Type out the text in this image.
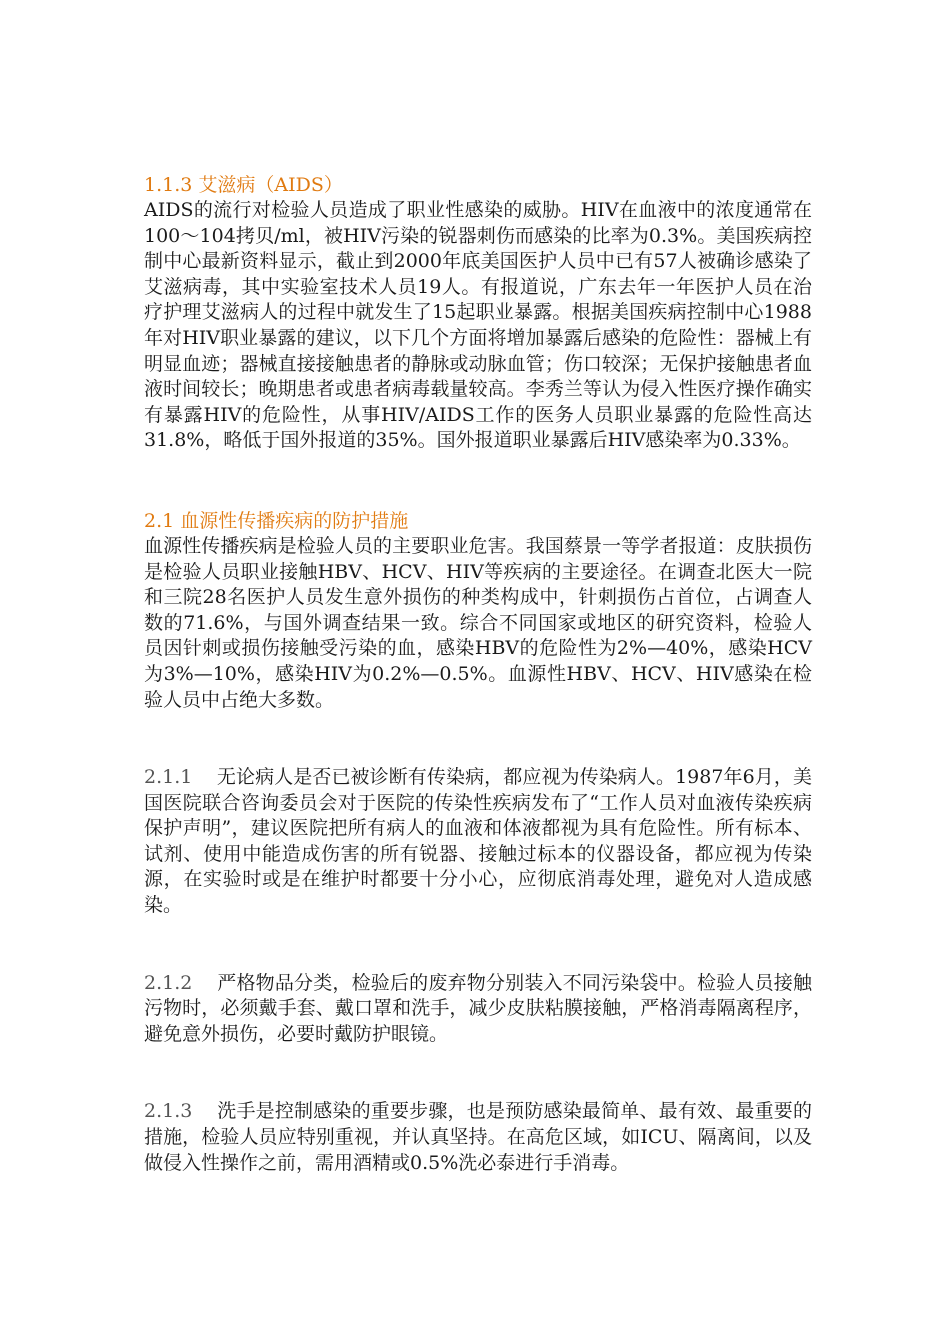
1.1.3 艾滋病（AIDS）

AIDS的流行对检验人员造成了职业性感染的威胁。HIV在血液中的浓度通常在100～104拷贝/ml，被HIV污染的锐器刺伤而感染的比率为0.3%。美国疾病控制中心最新资料显示，截止到2000年底美国医护人员中已有57人被确诊感染了艾滋病毒，其中实验室技术人员19人。有报道说，广东去年一年医护人员在治疗护理艾滋病人的过程中就发生了15起职业暴露。根据美国疾病控制中心1988年对HIV职业暴露的建议，以下几个方面将增加暴露后感染的危险性：器械上有明显血迹；器械直接接触患者的静脉或动脉血管；伤口较深；无保护接触患者血液时间较长；晚期患者或患者病毒载量较高。李秀兰等认为侵入性医疗操作确实有暴露HIV的危险性，从事HIV/AIDS工作的医务人员职业暴露的危险性高达31.8%，略低于国外报道的35%。国外报道职业暴露后HIV感染率为0.33%。

2.1 血源性传播疾病的防护措施

血源性传播疾病是检验人员的主要职业危害。我国蔡景一等学者报道：皮肤损伤是检验人员职业接触HBV、HCV、HIV等疾病的主要途径。在调查北医大一院和三院28名医护人员发生意外损伤的种类构成中，针刺损伤占首位，占调查人数的71.6%，与国外调查结果一致。综合不同国家或地区的研究资料，检验人员因针刺或损伤接触受污染的血，感染HBV的危险性为2%—40%，感染HCV为3%—10%，感染HIV为0.2%—0.5%。血源性HBV、HCV、HIV感染在检验人员中占绝大多数。

2.1.1 无论病人是否已被诊断有传染病，都应视为传染病人。1987年6月，美国医院联合咨询委员会对于医院的传染性疾病发布了“工作人员对血液传染疾病保护声明”，建议医院把所有病人的血液和体液都视为具有危险性。所有标本、试剂、使用中能造成伤害的所有锐器、接触过标本的仪器设备，都应视为传染源，在实验时或是在维护时都要十分小心，应彻底消毒处理，避免对人造成感染。

2.1.2 严格物品分类，检验后的废弃物分别装入不同污染袋中。检验人员接触污物时，必须戴手套、戴口罩和洗手，减少皮肤粘膜接触，严格消毒隔离程序，避免意外损伤，必要时戴防护眼镜。

2.1.3 洗手是控制感染的重要步骤，也是预防感染最简单、最有效、最重要的措施，检验人员应特别重视，并认真坚持。在高危区域，如ICU、隔离间，以及做侵入性操作之前，需用酒精或0.5%洗必泰进行手消毒。
